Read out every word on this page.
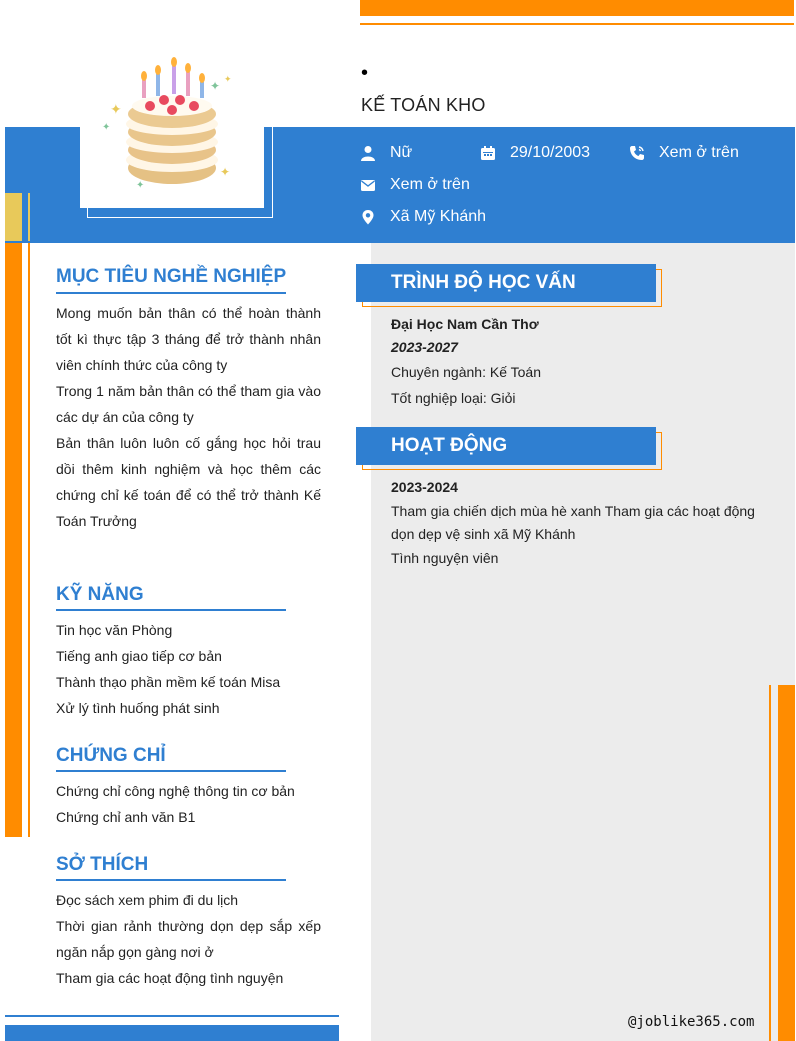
✦
✦
✦
✦
✦
✦	•
KẾ TOÁN KHO
Nữ	29/10/2003	Xem ở trên
Xem ở trên
Xã Mỹ Khánh
MỤC TIÊU NGHỀ NGHIỆP
Mong muốn bản thân có thể hoàn thành tốt kì thực tập 3 tháng để trở thành nhân viên chính thức của công ty
Trong 1 năm bản thân có thể tham gia vào các dự án của công ty
Bản thân luôn luôn cố gắng học hỏi trau dồi thêm kinh nghiệm và học thêm các chứng chỉ kế toán để có thể trở thành Kế Toán Trưởng
KỸ NĂNG
Tin học văn Phòng
Tiếng anh giao tiếp cơ bản
Thành thạo phần mềm kế toán Misa
Xử lý tình huống phát sinh
CHỨNG CHỈ
Chứng chỉ công nghệ thông tin cơ bản
Chứng chỉ anh văn B1
SỞ THÍCH
Đọc sách xem phim đi du lịch
Thời gian rảnh thường dọn dẹp sắp xếp ngăn nắp gọn gàng nơi ở
Tham gia các hoạt động tình nguyện
TRÌNH ĐỘ HỌC VẤN
Đại Học Nam Cần Thơ
2023-2027
Chuyên ngành: Kế Toán
Tốt nghiệp loại: Giỏi
HOẠT ĐỘNG
2023-2024
Tham gia chiến dịch mùa hè xanh Tham gia các hoạt động dọn dẹp vệ sinh xã Mỹ Khánh
Tình nguyện viên
@joblike365.com
